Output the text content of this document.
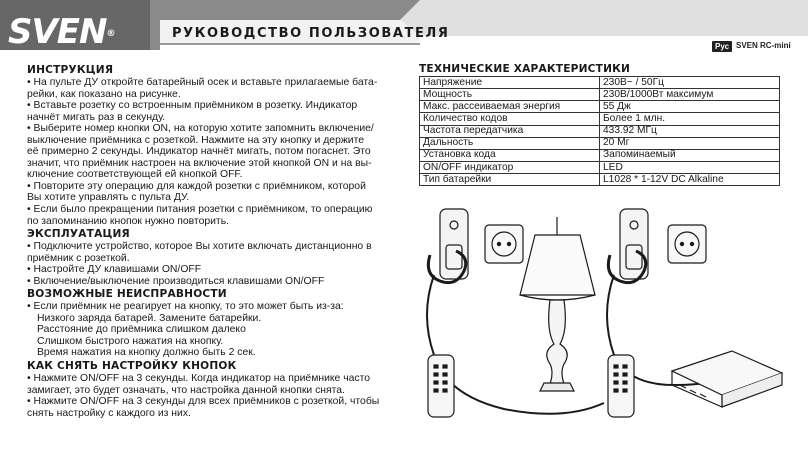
SVEN®	РУКОВОДСТВО ПОЛЬЗОВАТЕЛЯ
Рус SVEN RC-mini
ИНСТРУКЦИЯ

• На пульте ДУ откройте батарейный осек и вставьте прилагаемые бата-

рейки, как показано на рисунке.

• Вставьте розетку со встроенным приёмником в розетку. Индикатор

начнёт мигать раз в секунду.

• Выберите номер кнопки ON, на которую хотите запомнить включение/

выключение приёмника с розеткой. Нажмите на эту кнопку и держите

её примерно 2 секунды. Индикатор начнёт мигать, потом погаснет. Это

значит, что приёмник настроен на включение этой кнопкой ON и на вы-

ключение соответствующей ей кнопкой OFF.

• Повторите эту операцию для каждой розетки с приёмником, которой

Вы хотите управлять с пульта ДУ.

• Если было прекращении питания розетки с приёмником, то операцию

по запоминанию кнопок нужно повторить.

ЭКСПЛУАТАЦИЯ

• Подключите устройство, которое Вы хотите включать дистанционно в

приёмник с розеткой.

• Настройте ДУ клавишами ON/OFF

• Включение/выключение производиться клавишами ON/OFF

ВОЗМОЖНЫЕ НЕИСПРАВНОСТИ

• Если приёмник не реагирует на кнопку, то это может быть из-за:

Низкого заряда батарей. Замените батарейки.

Расстояние до приёмника слишком далеко

Слишком быстрого нажатия на кнопку.

Время нажатия на кнопку должно быть 2 сек.

КАК СНЯТЬ НАСТРОЙКУ КНОПОК

• Нажмите ON/OFF на 3 секунды. Когда индикатор на приёмнике часто

замигает, это будет означать, что настройка данной кнопки снята.

• Нажмите ON/OFF на 3 секунды для всех приёмников с розеткой, чтобы

снять настройку с каждого из них.

ТЕХНИЧЕСКИЕ ХАРАКТЕРИСТИКИ
Напряжение	230В~ / 50Гц
Мощность	230В/1000Вт максимум
Макс. рассеиваемая энергия	55 Дж
Количество кодов	Более 1 млн.
Частота передатчика	433.92 МГц
Дальность	20 Мг
Установка кода	Запоминаемый
ON/OFF индикатор	LED
Тип батарейки	L1028 * 1-12V DC Alkaline
